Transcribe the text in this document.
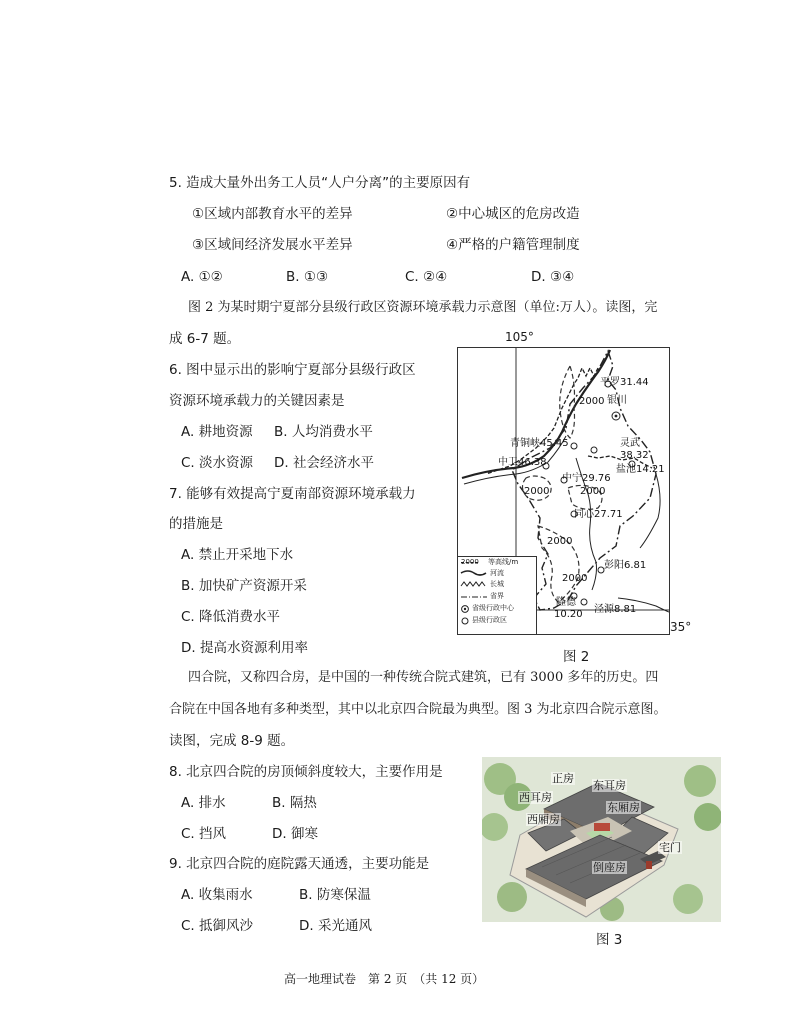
5. 造成大量外出务工人员“人户分离”的主要原因有
①区域内部教育水平的差异	②中心城区的危房改造
③区域间经济发展水平差异	④严格的户籍管理制度
A. ①②	B. ①③	C. ②④	D. ③④
图 2 为某时期宁夏部分县级行政区资源环境承载力示意图（单位:万人）。读图，完
成 6-7 题。
6. 图中显示出的影响宁夏部分县级行政区
资源环境承载力的关键因素是
A. 耕地资源 B. 人均消费水平
C. 淡水资源 D. 社会经济水平
7. 能够有效提高宁夏南部资源环境承载力
的措施是
A. 禁止开采地下水
B. 加快矿产资源开采
C. 降低消费水平
D. 提高水资源利用率
105°
35°
平罗31.44
银川
2000
青铜峡45.45	灵武
38.32
盐池14.21
中卫46.38
中宁29.76
2000	2000
同心27.71
2000
彭阳6.81
2000
隆德
10.20 泾源8.81
2000 等高线/m
河流
长城
省界
省级行政中心
县级行政区
图 2
四合院，又称四合房，是中国的一种传统合院式建筑，已有 3000 多年的历史。四
合院在中国各地有多种类型，其中以北京四合院最为典型。图 3 为北京四合院示意图。
读图，完成 8-9 题。
8. 北京四合院的房顶倾斜度较大，主要作用是
A. 排水	B. 隔热
C. 挡风	D. 御寒
9. 北京四合院的庭院露天通透，主要功能是
A. 收集雨水	B. 防寒保温
C. 抵御风沙	D. 采光通风
正房
东耳房
西耳房
东厢房
西厢房
宅门
倒座房
图 3
高一地理试卷　第 2 页　（共 12 页）
